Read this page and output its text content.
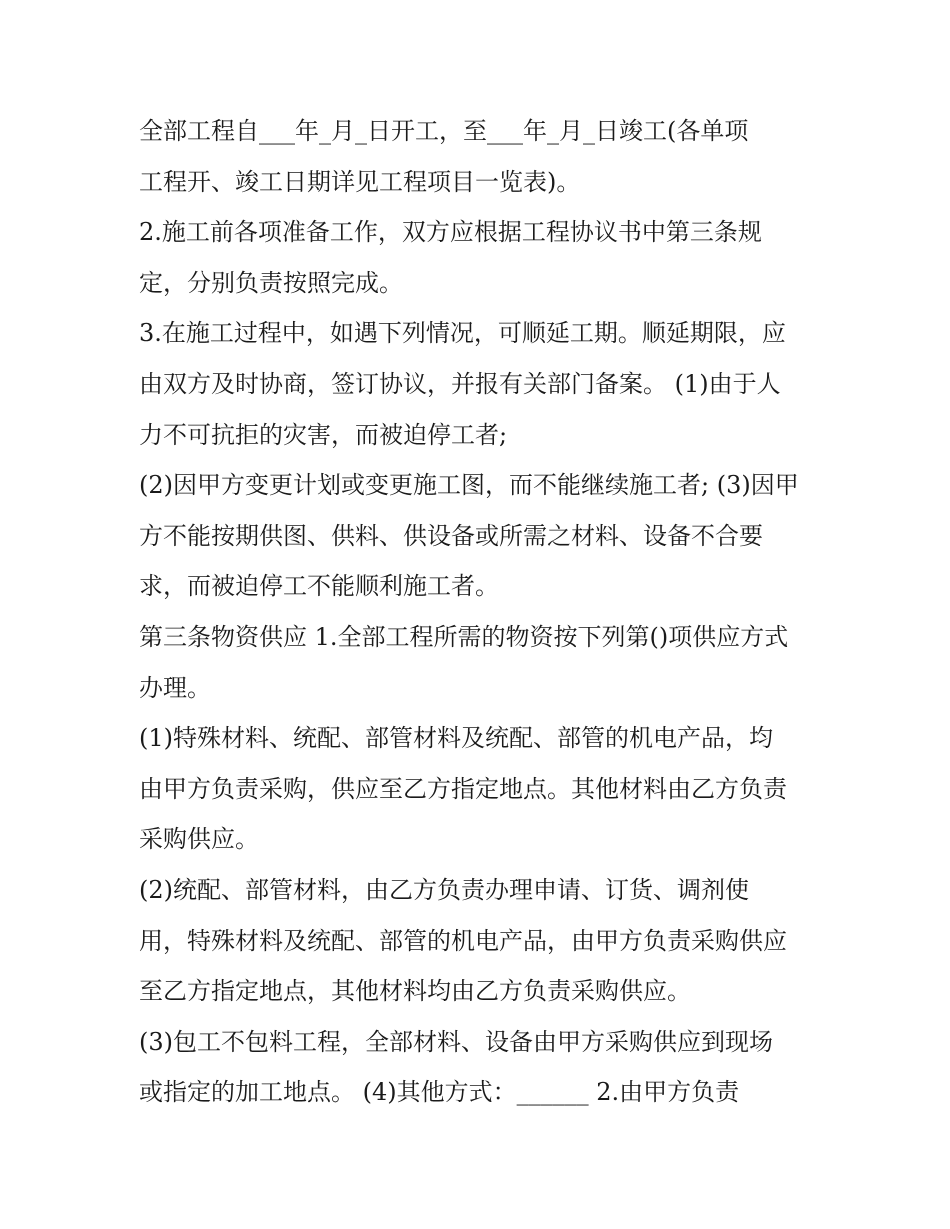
全部工程自___年_月_日开工，至___年_月_日竣工(各单项
工程开、竣工日期详见工程项目一览表)。
2.施工前各项准备工作，双方应根据工程协议书中第三条规
定，分别负责按照完成。
3.在施工过程中，如遇下列情况，可顺延工期。顺延期限，应
由双方及时协商，签订协议，并报有关部门备案。 (1)由于人
力不可抗拒的灾害，而被迫停工者;
(2)因甲方变更计划或变更施工图，而不能继续施工者; (3)因甲
方不能按期供图、供料、供设备或所需之材料、设备不合要
求，而被迫停工不能顺利施工者。
第三条物资供应 1.全部工程所需的物资按下列第()项供应方式
办理。
(1)特殊材料、统配、部管材料及统配、部管的机电产品，均
由甲方负责采购，供应至乙方指定地点。其他材料由乙方负责
采购供应。
(2)统配、部管材料，由乙方负责办理申请、订货、调剂使
用，特殊材料及统配、部管的机电产品，由甲方负责采购供应
至乙方指定地点，其他材料均由乙方负责采购供应。
(3)包工不包料工程，全部材料、设备由甲方采购供应到现场
或指定的加工地点。 (4)其他方式：______ 2.由甲方负责
